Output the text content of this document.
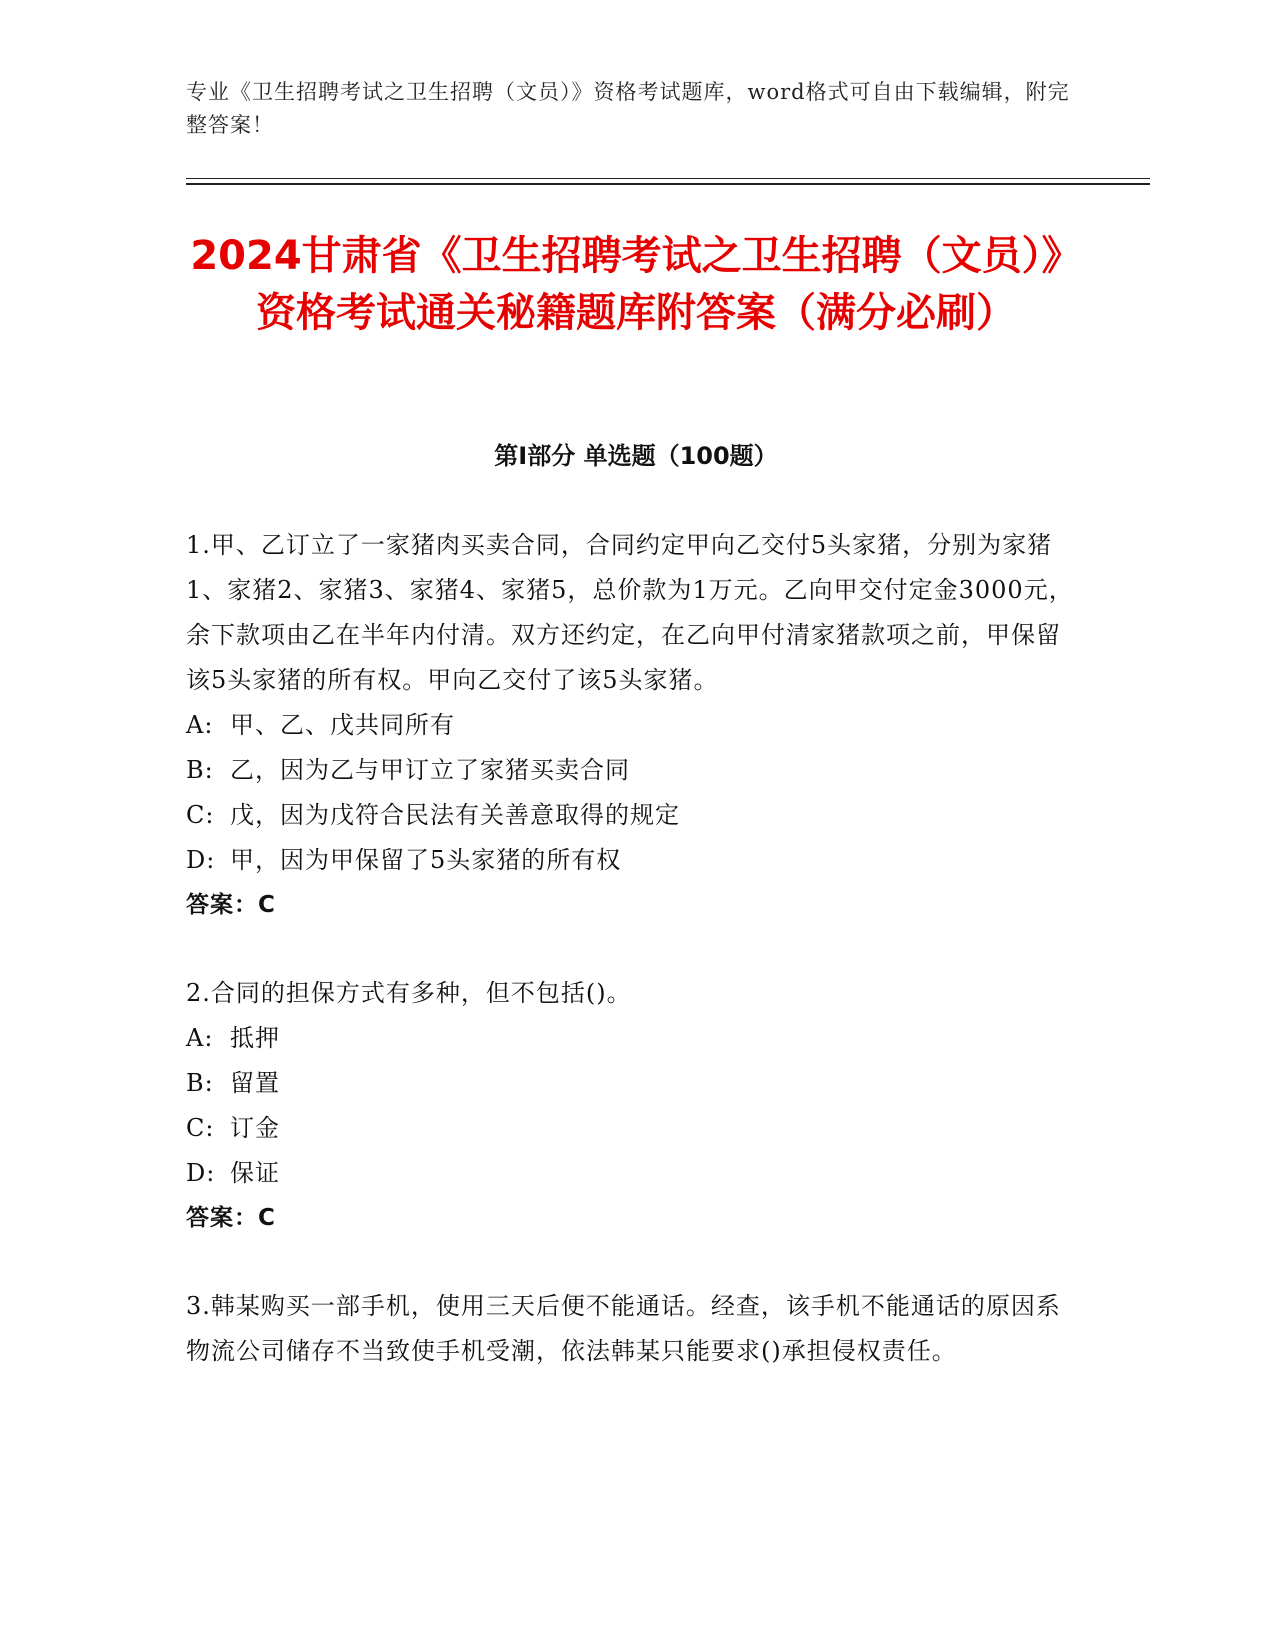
专业《卫生招聘考试之卫生招聘（文员）》资格考试题库，word格式可自由下载编辑，附完整答案！
2024甘肃省《卫生招聘考试之卫生招聘（文员）》资格考试通关秘籍题库附答案（满分必刷）
第Ⅰ部分 单选题（100题）

1.甲、乙订立了一家猪肉买卖合同，合同约定甲向乙交付5头家猪，分别为家猪1、家猪2、家猪3、家猪4、家猪5，总价款为1万元。乙向甲交付定金3000元，余下款项由乙在半年内付清。双方还约定，在乙向甲付清家猪款项之前，甲保留该5头家猪的所有权。甲向乙交付了该5头家猪。

A: 甲、乙、戊共同所有
B: 乙，因为乙与甲订立了家猪买卖合同
C: 戊，因为戊符合民法有关善意取得的规定
D: 甲，因为甲保留了5头家猪的所有权
答案：C

2.合同的担保方式有多种，但不包括()。

A: 抵押
B: 留置
C: 订金
D: 保证
答案：C

3.韩某购买一部手机，使用三天后便不能通话。经查，该手机不能通话的原因系物流公司储存不当致使手机受潮，依法韩某只能要求()承担侵权责任。
